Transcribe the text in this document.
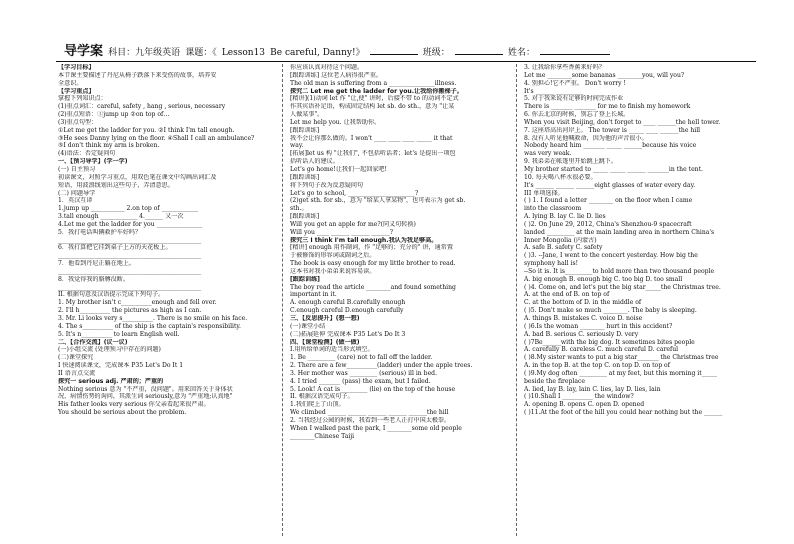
导学案 科目：九年级英语 课题：《 Lesson13 Be careful, Danny!》	班级：	姓名：
【学习目标】
本节课主要描述了丹尼从椅子跌落下来受伤的故事，培养安
全意识。
【学习重点】
掌握下列知识点：
(1)重点词汇：careful, safety , hang , serious, necessary
(2)重点短语：①jump up ②on top of…
(3)重点句型：
①Let me get the ladder for you. ②I think I'm tall enough.
③He sees Danny lying on the floor. ④Shall I call an ambulance?
⑤I don't think my arm is broken.
(4)语法：否定疑问句
一、【预习导学】(学一学)
(一) 自主预习
初读课文，对照学习重点，用双色笔在课文中勾画出词汇及
短语，用波浪线划出这些句子，弄清意思。
(二) 问题导学
1．英汉互译
1.jump up ___________ 2.on top of ____________
3.tall enough ____________ 4.______ 又一次
4.Let me get the ladder for you _______________
5．我打电话叫辆救护车好吗？
_______________________________________________
6．我打算把它挂到桌子上方的天花板上。
_______________________________________________
7．他看到丹尼正躺在地上。
_______________________________________________
8．我觉得我的胳膊没断。
_______________________________________________
II. 根据句意及汉语提示完成下列句子。
1. My brother isn't c__________enough and fell over.
2. I'll h__________ the pictures as high as I can.
3. Mr. Li looks very s__________. There is no smile on his face.
4. The s__________ of the ship is the captain's responsibility.
5. It's n__________ to learn English well.
二、【合作交流】(议一议)
(一)小组交流 (处理预习中存在的问题)
(二)课堂探究
I 快速阅读课文，完成课本 P35 Let's Do It 1
II 语言点交流
探究一 serious adj. 严肃的；严重的
Nothing serious 意为 "不严重，没问题"。用来回答关于身体状
况、病情伤势的询问，其派生词 seriously,意为 "严重地;认真地"
His father looks very serious 你父亲看起来很严肃。
You should be serious about the problem.
你应该认真对待这个问题。
[跟踪训练] 这位老人病得很严重。
The old man is suffering from a _______________illness.
探究二 Let me get the ladder for you.让我给你搬梯子。
[精讲](1)动词 let 作 "让,使" 讲时，后接不带 to 的动词不定式
作其宾语补足语，构成固定结构 let sb. do sth.，意为 "让某
人做某事"。
Let me help you. 让我帮助你。
[跟踪训练]
我不会让你那么做的。I won't ____ ____ ____ _____ it that
way.
[拓展]let us 构 "让我们", 不包括听话者；let's 是提出一项包
括听话人的建议。
Let's go home!让我们一起回家吧!
[跟踪训练]
将下列句子改为反意疑问句
Let's go to school, ______________________?
(2)get sth. for sb.，意为 "给某人拿某物"，也可表示为 get sb.
sth.。
[跟踪训练]
Will you get an apple for me?(同义句转换)
Will you ____ ______ ______ ______?
探究三 I think I'm tall enough.我认为我足够高。
[精讲] enough 用作副词，作 "足够的；充分的" 讲，通常置
于被修饰的形容词或副词之后。
The book is easy enough for my little brother to read.
这本书对我小弟弟来说容易读。
[跟踪训练]
The boy read the article ________and found something
important in it.
A. enough careful B.carefully enough
C.enough careful D.enough carefully
三、【反思提升】(想一想)
(一)课堂小结
(二)拓展延伸 完成课本 P35 Let's Do It 3
四、【课堂检测】(做一做)
I.用所给单词的适当形式填空。
1. Be _________ (care) not to fall off the ladder.
2. There are a few__________(ladder) under the apple trees.
3. Her mother was _________ (serious) ill in bed.
4. I tried _______ (pass) the exam, but I failed.
5. Look! A cat is_________ (lie) on the top of the house
II. 根据汉语完成句子。
1.我们爬上了山顶。
We climbed ______ ______ ______ ______ ______the hill
2. 当我经过公园的时候，我看到一些老人正打中国太极拳。
When I walked past the park, I ________some old people
________Chinese Taiji
3. 让我给你拿些香蕉来好吗？
Let me ________some bananas ________you, will you?
4. 别担心!它不严重。 Don't worry !
It's ______ _________
5. 对于我来说有足够的时间完成作业
There is _______ _______ for me to finish my homework
6. 你去北京的时候，别忘了登上长城。
When you visit Beijing, don't forget to ____ ______the hell tower.
7. 这座塔高出河岸上。 The tower is _____ ____ ______the hill
8. 没有人听见他喊救命，因为他的声音很小。
Nobody heard him _______ _____ ______because his voice
was very weak.
9. 我弟弟在帐篷里开始跳上跳下。
My brother started to _____ _____ ______ _______in the tent.
10. 每天喝八杯水很必要。
It's ______ ______ ______eight glasses of water every day.
III 单项选择。
( ) 1. I found a letter ________ on the floor when I came
into the classroom
A. lying B. lay C. lie D. lies
( )2. On June 29, 2012, China's Shenzhou-9 spacecraft
landed _________ at the main landing area in northern China's
Inner Mongolia (内蒙古)
A. safe B. safety C. safety
( )3. --Jane, I went to the concert yesterday. How big the
symphony hall is!
--So it is. It is_________to hold more than two thousand people
A. big enough B. enough big C. too big D. too small
( )4. Come on, and let's put the big star_____the Christmas tree.
A. at the end of B. on top of
C. at the bottom of D. in the middle of
( )5. Don't make so much ________. The baby is sleeping.
A. things B. mistakes C. voice D. noise
( )6.Is the woman ________ hurt in this accident?
A. bad B. serious C. seriously D. very
( )7Be______with the big dog. It sometimes bites people
A. carefully B. careless C. much careful D. careful
( )8.My sister wants to put a big star_______ the Christmas tree
A. in the top B. at the top C. on top D. on top of
( )9.My dog often _________ at my feet, but this morning it_____
beside the fireplace
A. lied, lay B. lay, lain C. lies, lay D. lies, lain
( )10.Shall I __________ the window?
A. opening B. opens C. open D. opened
( )11.At the foot of the hill you could hear nothing but the ______
